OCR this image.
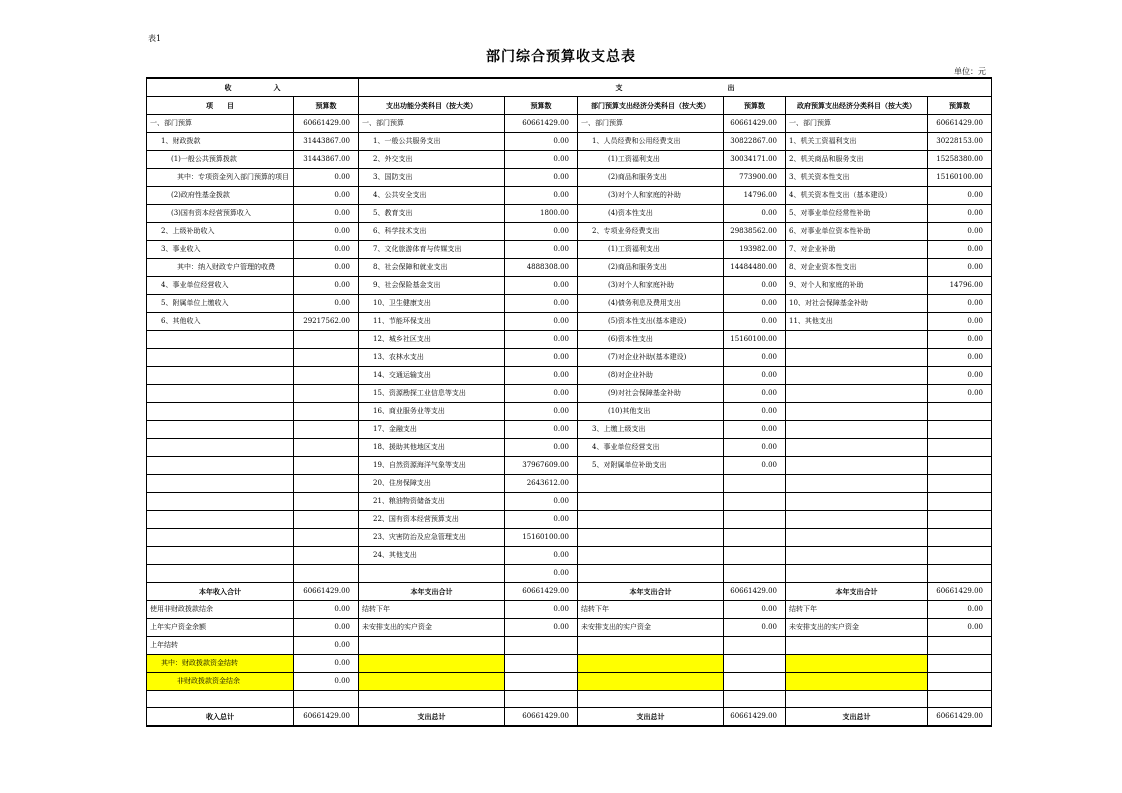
表1
部门综合预算收支总表
单位：元
收　　　　　　入		支　　　　　　　　　　　　　　　出					
项　　目	预算数	支出功能分类科目（按大类）	预算数	部门预算支出经济分类科目（按大类）	预算数	政府预算支出经济分类科目（按大类）	预算数
一、部门预算	60661429.00	一、部门预算	60661429.00	一、部门预算	60661429.00	一、部门预算	60661429.00
1、财政拨款	31443867.00	1、一般公共服务支出	0.00	1、人员经费和公用经费支出	30822867.00	1、机关工资福利支出	30228153.00
(1)一般公共预算拨款	31443867.00	2、外交支出	0.00	(1)工资福利支出	30034171.00	2、机关商品和服务支出	15258380.00
其中：专项资金列入部门预算的项目	0.00	3、国防支出	0.00	(2)商品和服务支出	773900.00	3、机关资本性支出	15160100.00
(2)政府性基金拨款	0.00	4、公共安全支出	0.00	(3)对个人和家庭的补助	14796.00	4、机关资本性支出（基本建设）	0.00
(3)国有资本经营预算收入	0.00	5、教育支出	1800.00	(4)资本性支出	0.00	5、对事业单位经常性补助	0.00
2、上级补助收入	0.00	6、科学技术支出	0.00	2、专项业务经费支出	29838562.00	6、对事业单位资本性补助	0.00
3、事业收入	0.00	7、文化旅游体育与传媒支出	0.00	(1)工资福利支出	193982.00	7、对企业补助	0.00
其中：纳入财政专户管理的收费	0.00	8、社会保障和就业支出	4888308.00	(2)商品和服务支出	14484480.00	8、对企业资本性支出	0.00
4、事业单位经营收入	0.00	9、社会保险基金支出	0.00	(3)对个人和家庭补助	0.00	9、对个人和家庭的补助	14796.00
5、附属单位上缴收入	0.00	10、卫生健康支出	0.00	(4)债务利息及费用支出	0.00	10、对社会保障基金补助	0.00
6、其他收入	29217562.00	11、节能环保支出	0.00	(5)资本性支出(基本建设)	0.00	11、其他支出	0.00
		12、城乡社区支出	0.00	(6)资本性支出	15160100.00		0.00
		13、农林水支出	0.00	(7)对企业补助(基本建设)	0.00		0.00
		14、交通运输支出	0.00	(8)对企业补助	0.00		0.00
		15、资源勘探工业信息等支出	0.00	(9)对社会保障基金补助	0.00		0.00
		16、商业服务业等支出	0.00	(10)其他支出	0.00		
		17、金融支出	0.00	3、上缴上级支出	0.00		
		18、援助其他地区支出	0.00	4、事业单位经营支出	0.00		
		19、自然资源海洋气象等支出	37967609.00	5、对附属单位补助支出	0.00		
		20、住房保障支出	2643612.00				
		21、粮油物资储备支出	0.00				
		22、国有资本经营预算支出	0.00				
		23、灾害防治及应急管理支出	15160100.00				
		24、其他支出	0.00				
			0.00				
本年收入合计	60661429.00	本年支出合计	60661429.00	本年支出合计	60661429.00	本年支出合计	60661429.00
使用非财政拨款结余	0.00	结转下年	0.00	结转下年	0.00	结转下年	0.00
上年实户资金余额	0.00	未安排支出的实户资金	0.00	未安排支出的实户资金	0.00	未安排支出的实户资金	0.00
上年结转	0.00						
其中：财政拨款资金结转	0.00						
非财政拨款资金结余	0.00						

收入总计	60661429.00	支出总计	60661429.00	支出总计	60661429.00	支出总计	60661429.00
